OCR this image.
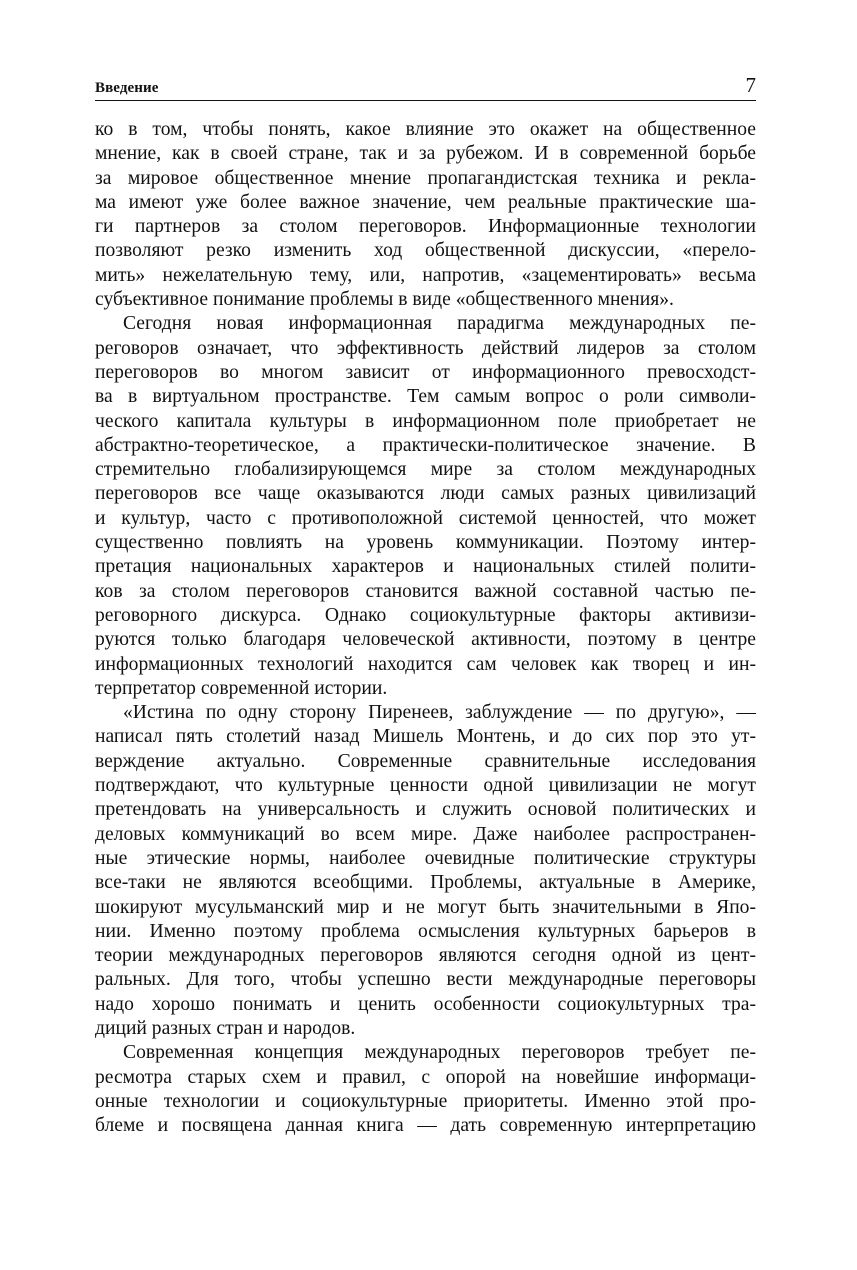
Введение	7

ко в том, чтобы понять, какое влияние это окажет на общественное

мнение, как в своей стране, так и за рубежом. И в современной борьбе

за мировое общественное мнение пропагандистская техника и рекла-

ма имеют уже более важное значение, чем реальные практические ша-

ги партнеров за столом переговоров. Информационные технологии

позволяют резко изменить ход общественной дискуссии, «перело-

мить» нежелательную тему, или, напротив, «зацементировать» весьма

субъективное понимание проблемы в виде «общественного мнения».

Сегодня новая информационная парадигма международных пе-

реговоров означает, что эффективность действий лидеров за столом

переговоров во многом зависит от информационного превосходст-

ва в виртуальном пространстве. Тем самым вопрос о роли символи-

ческого капитала культуры в информационном поле приобретает не

абстрактно-теоретическое, а практически-политическое значение. В

стремительно глобализирующемся мире за столом международных

переговоров все чаще оказываются люди самых разных цивилизаций

и культур, часто с противоположной системой ценностей, что может

существенно повлиять на уровень коммуникации. Поэтому интер-

претация национальных характеров и национальных стилей полити-

ков за столом переговоров становится важной составной частью пе-

реговорного дискурса. Однако социокультурные факторы активизи-

руются только благодаря человеческой активности, поэтому в центре

информационных технологий находится сам человек как творец и ин-

терпретатор современной истории.

«Истина по одну сторону Пиренеев, заблуждение — по другую», —

написал пять столетий назад Мишель Монтень, и до сих пор это ут-

верждение актуально. Современные сравнительные исследования

подтверждают, что культурные ценности одной цивилизации не могут

претендовать на универсальность и служить основой политических и

деловых коммуникаций во всем мире. Даже наиболее распространен-

ные этические нормы, наиболее очевидные политические структуры

все-таки не являются всеобщими. Проблемы, актуальные в Америке,

шокируют мусульманский мир и не могут быть значительными в Япо-

нии. Именно поэтому проблема осмысления культурных барьеров в

теории международных переговоров являются сегодня одной из цент-

ральных. Для того, чтобы успешно вести международные переговоры

надо хорошо понимать и ценить особенности социокультурных тра-

диций разных стран и народов.

Современная концепция международных переговоров требует пе-

ресмотра старых схем и правил, с опорой на новейшие информаци-

онные технологии и социокультурные приоритеты. Именно этой про-

блеме и посвящена данная книга — дать современную интерпретацию
